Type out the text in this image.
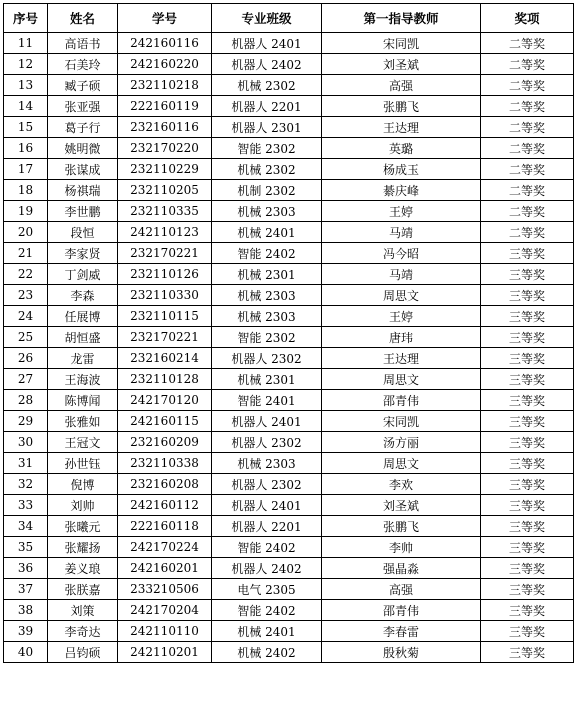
序号	姓名	学号	专业班级	第一指导教师	奖项
11	高语书	242160116	机器人 2401	宋同凯	二等奖
12	石美玲	242160220	机器人 2402	刘圣斌	二等奖
13	臧子硕	232110218	机械 2302	高强	二等奖
14	张亚强	222160119	机器人 2201	张鹏飞	二等奖
15	葛子行	232160116	机器人 2301	王达理	二等奖
16	姚明微	232170220	智能 2302	英璐	二等奖
17	张谋成	232110229	机械 2302	杨成玉	二等奖
18	杨祺瑞	232110205	机制 2302	綦庆峰	二等奖
19	李世鹏	232110335	机械 2303	王婷	二等奖
20	段恒	242110123	机械 2401	马靖	二等奖
21	李家贤	232170221	智能 2402	冯今昭	三等奖
22	丁剑威	232110126	机械 2301	马靖	三等奖
23	李森	232110330	机械 2303	周思文	三等奖
24	任展博	232110115	机械 2303	王婷	三等奖
25	胡恒盛	232170221	智能 2302	唐玮	三等奖
26	龙雷	232160214	机器人 2302	王达理	三等奖
27	王海波	232110128	机械 2301	周思文	三等奖
28	陈博闻	242170120	智能 2401	邵青伟	三等奖
29	张雅如	242160115	机器人 2401	宋同凯	三等奖
30	王冠文	232160209	机器人 2302	汤方丽	三等奖
31	孙世钰	232110338	机械 2303	周思文	三等奖
32	倪博	232160208	机器人 2302	李欢	三等奖
33	刘帅	242160112	机器人 2401	刘圣斌	三等奖
34	张曦元	222160118	机器人 2201	张鹏飞	三等奖
35	张耀扬	242170224	智能 2402	李帅	三等奖
36	姜义琅	242160201	机器人 2402	强晶淼	三等奖
37	张朕嘉	233210506	电气 2305	高强	三等奖
38	刘策	242170204	智能 2402	邵青伟	三等奖
39	李奇达	242110110	机械 2401	李春雷	三等奖
40	吕钧硕	242110201	机械 2402	殷秋菊	三等奖
